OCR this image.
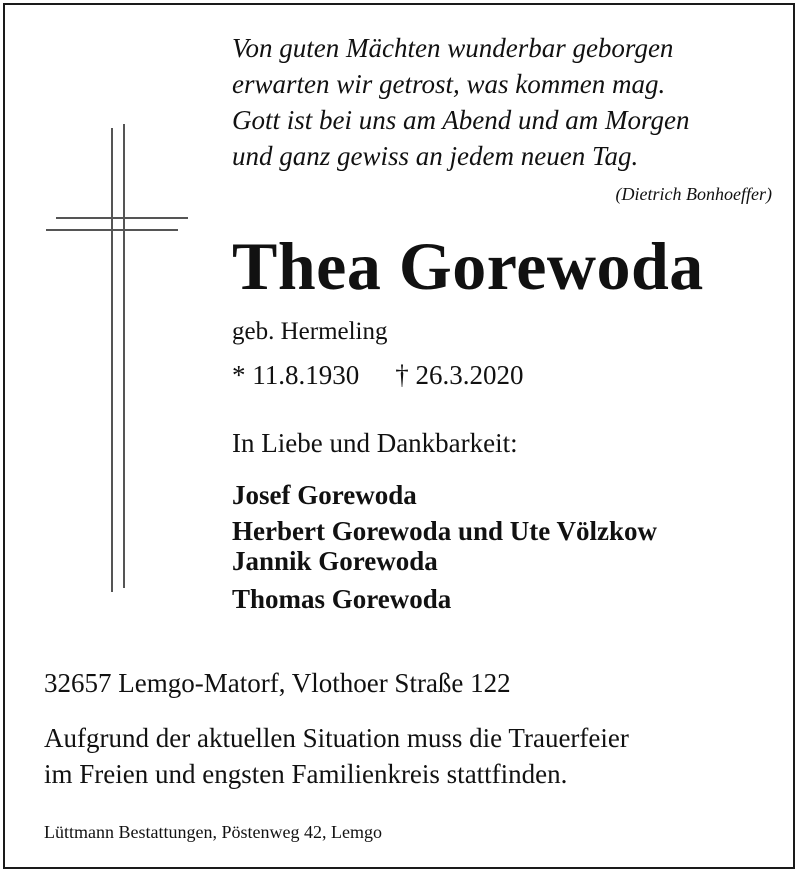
Von guten Mächten wunderbar geborgen
erwarten wir getrost, was kommen mag.
Gott ist bei uns am Abend und am Morgen
und ganz gewiss an jedem neuen Tag.
(Dietrich Bonhoeffer)
Thea Gorewoda
geb. Hermeling
* 11.8.1930 † 26.3.2020
In Liebe und Dankbarkeit:
Josef Gorewoda
Herbert Gorewoda und Ute Völzkow
Jannik Gorewoda
Thomas Gorewoda
32657 Lemgo-Matorf, Vlothoer Straße 122
Aufgrund der aktuellen Situation muss die Trauerfeier
im Freien und engsten Familienkreis stattfinden.
Lüttmann Bestattungen, Pöstenweg 42, Lemgo
